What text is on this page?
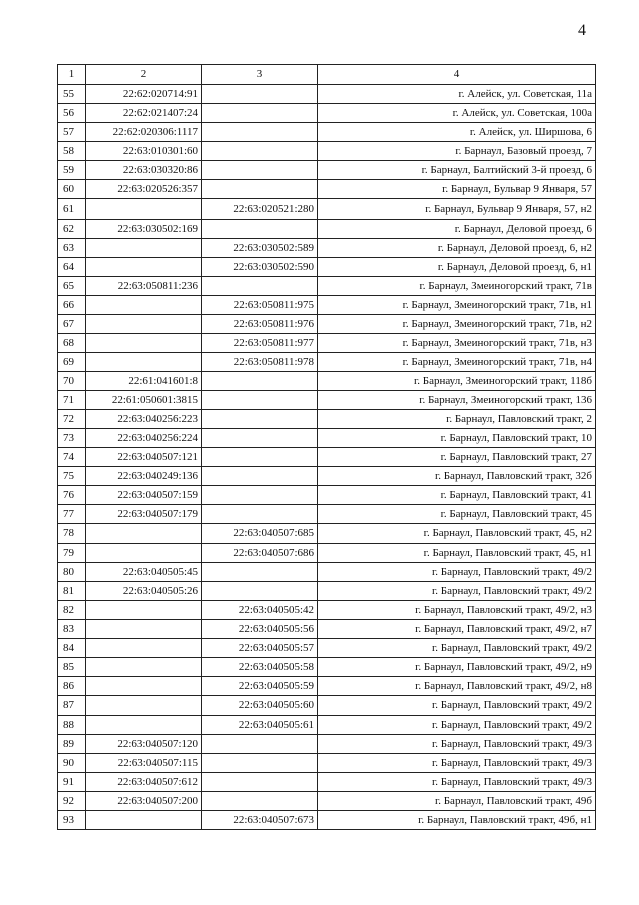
4
1	2	3	4
55	22:62:020714:91		г. Алейск, ул. Советская, 11а
56	22:62:021407:24		г. Алейск, ул. Советская, 100а
57	22:62:020306:1117		г. Алейск, ул. Ширшова, 6
58	22:63:010301:60		г. Барнаул, Базовый проезд, 7
59	22:63:030320:86		г. Барнаул, Балтийский 3-й проезд, 6
60	22:63:020526:357		г. Барнаул, Бульвар 9 Января, 57
61		22:63:020521:280	г. Барнаул, Бульвар 9 Января, 57, н2
62	22:63:030502:169		г. Барнаул, Деловой проезд, 6
63		22:63:030502:589	г. Барнаул, Деловой проезд, 6, н2
64		22:63:030502:590	г. Барнаул, Деловой проезд, 6, н1
65	22:63:050811:236		г. Барнаул, Змеиногорский тракт, 71в
66		22:63:050811:975	г. Барнаул, Змеиногорский тракт, 71в, н1
67		22:63:050811:976	г. Барнаул, Змеиногорский тракт, 71в, н2
68		22:63:050811:977	г. Барнаул, Змеиногорский тракт, 71в, н3
69		22:63:050811:978	г. Барнаул, Змеиногорский тракт, 71в, н4
70	22:61:041601:8		г. Барнаул, Змеиногорский тракт, 118б
71	22:61:050601:3815		г. Барнаул, Змеиногорский тракт, 136
72	22:63:040256:223		г. Барнаул, Павловский тракт, 2
73	22:63:040256:224		г. Барнаул, Павловский тракт, 10
74	22:63:040507:121		г. Барнаул, Павловский тракт, 27
75	22:63:040249:136		г. Барнаул, Павловский тракт, 32б
76	22:63:040507:159		г. Барнаул, Павловский тракт, 41
77	22:63:040507:179		г. Барнаул, Павловский тракт, 45
78		22:63:040507:685	г. Барнаул, Павловский тракт, 45, н2
79		22:63:040507:686	г. Барнаул, Павловский тракт, 45, н1
80	22:63:040505:45		г. Барнаул, Павловский тракт, 49/2
81	22:63:040505:26		г. Барнаул, Павловский тракт, 49/2
82		22:63:040505:42	г. Барнаул, Павловский тракт, 49/2, н3
83		22:63:040505:56	г. Барнаул, Павловский тракт, 49/2, н7
84		22:63:040505:57	г. Барнаул, Павловский тракт, 49/2
85		22:63:040505:58	г. Барнаул, Павловский тракт, 49/2, н9
86		22:63:040505:59	г. Барнаул, Павловский тракт, 49/2, н8
87		22:63:040505:60	г. Барнаул, Павловский тракт, 49/2
88		22:63:040505:61	г. Барнаул, Павловский тракт, 49/2
89	22:63:040507:120		г. Барнаул, Павловский тракт, 49/3
90	22:63:040507:115		г. Барнаул, Павловский тракт, 49/3
91	22:63:040507:612		г. Барнаул, Павловский тракт, 49/3
92	22:63:040507:200		г. Барнаул, Павловский тракт, 49б
93		22:63:040507:673	г. Барнаул, Павловский тракт, 49б, н1
